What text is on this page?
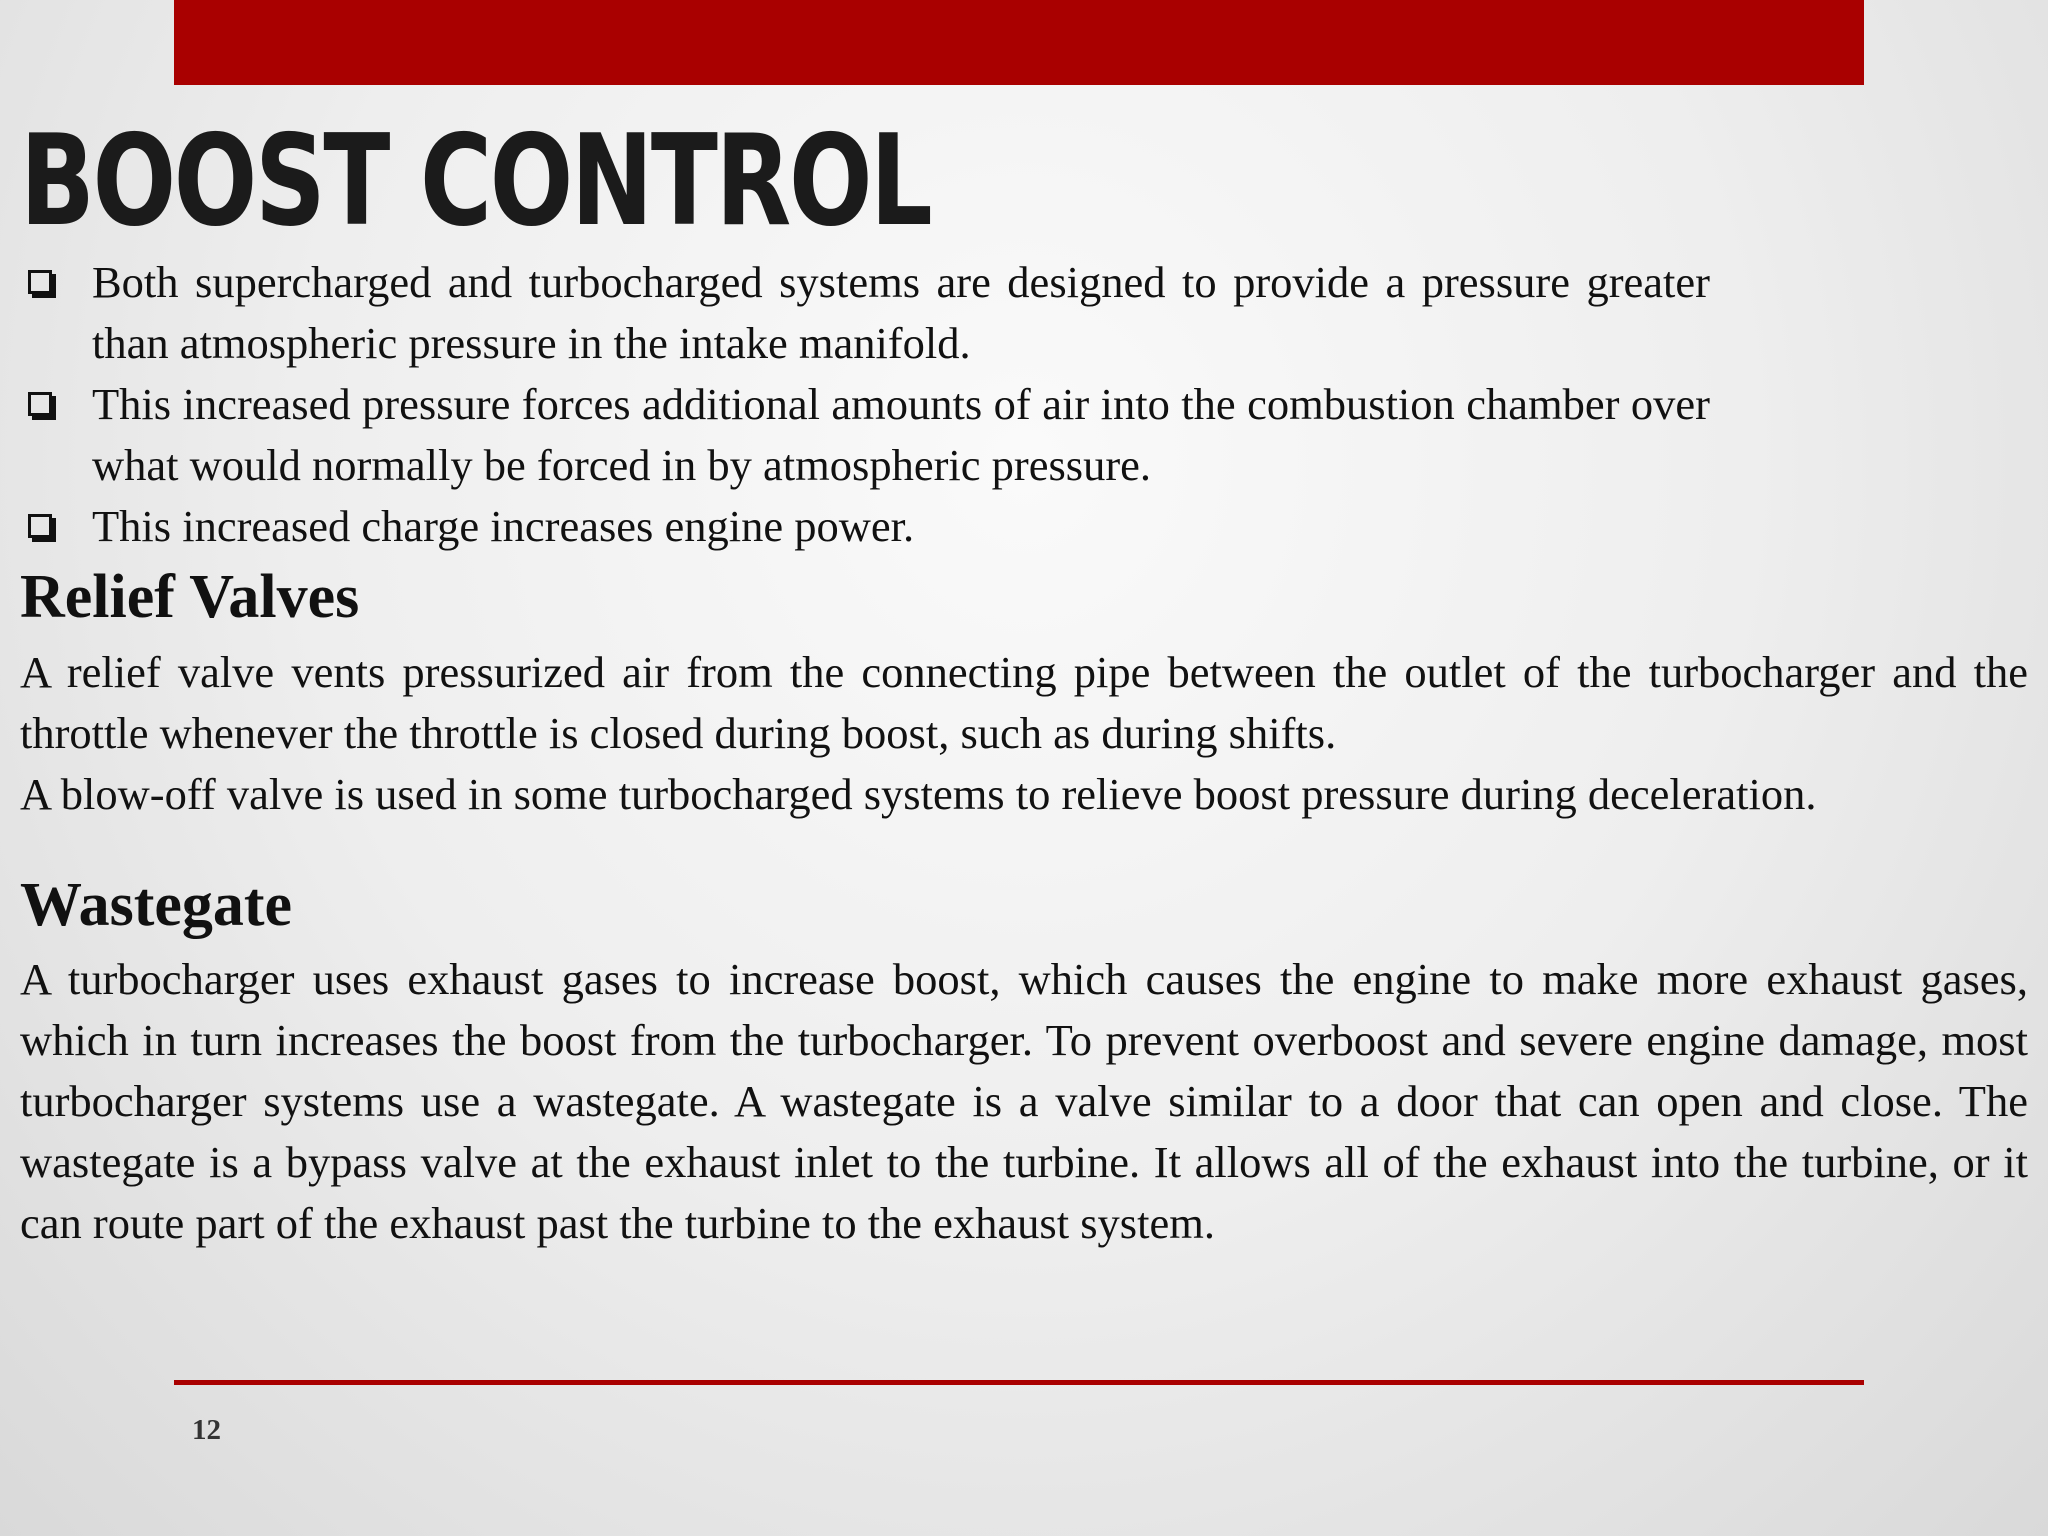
BOOST CONTROL
Both supercharged and turbocharged systems are designed to provide a pressure greater than atmospheric pressure in the intake manifold.
This increased pressure forces additional amounts of air into the combustion chamber over what would normally be forced in by atmospheric pressure.
This increased charge increases engine power.
Relief Valves

A relief valve vents pressurized air from the connecting pipe between the outlet of the turbocharger and the throttle whenever the throttle is closed during boost, such as during shifts.

A blow-off valve is used in some turbocharged systems to relieve boost pressure during deceleration.

Wastegate

A turbocharger uses exhaust gases to increase boost, which causes the engine to make more exhaust gases, which in turn increases the boost from the turbocharger. To prevent overboost and severe engine damage, most turbocharger systems use a wastegate. A wastegate is a valve similar to a door that can open and close. The wastegate is a bypass valve at the exhaust inlet to the turbine. It allows all of the exhaust into the turbine, or it can route part of the exhaust past the turbine to the exhaust system.

12
